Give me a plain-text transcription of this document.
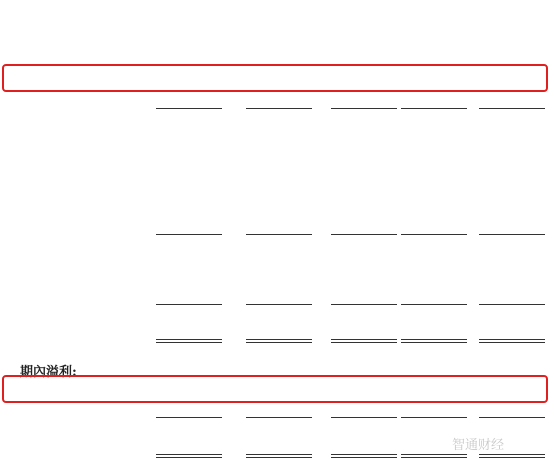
期內溢利:
智通财经
